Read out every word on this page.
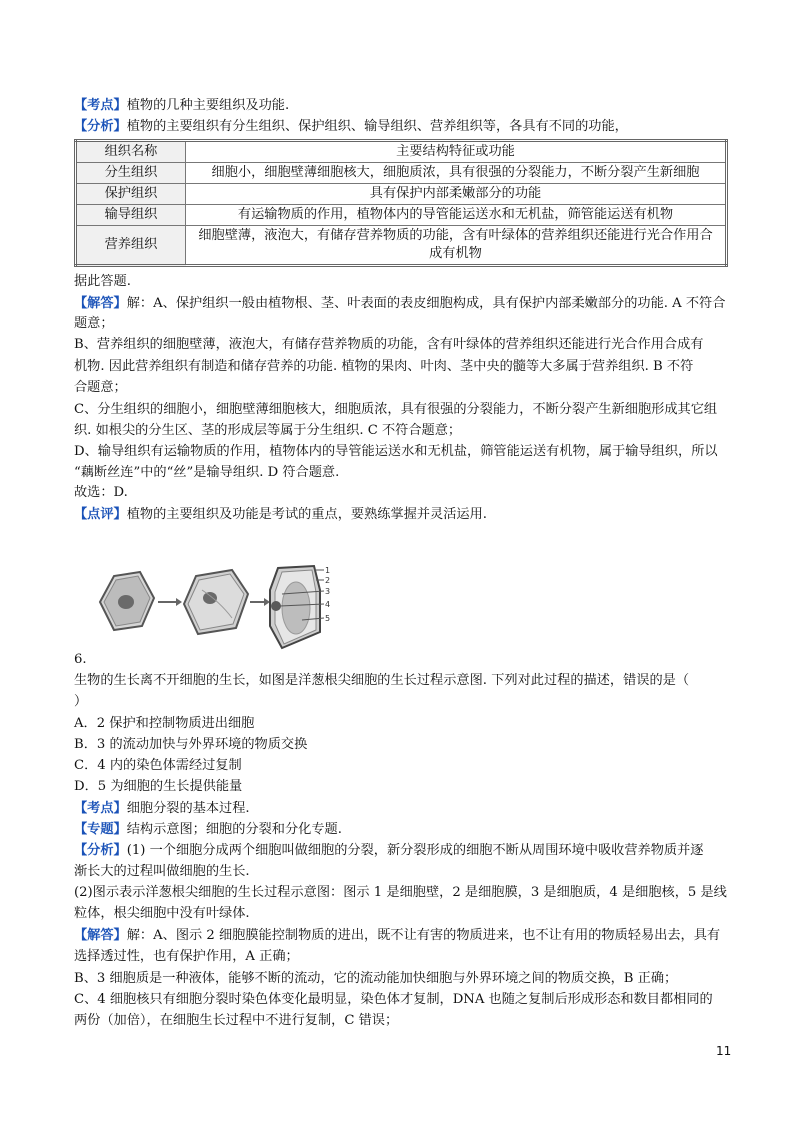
【考点】植物的几种主要组织及功能.
【分析】植物的主要组织有分生组织、保护组织、输导组织、营养组织等，各具有不同的功能，
组织名称	主要结构特征或功能
分生组织	细胞小，细胞壁薄细胞核大，细胞质浓，具有很强的分裂能力，不断分裂产生新细胞
保护组织	具有保护内部柔嫩部分的功能
输导组织	有运输物质的作用，植物体内的导管能运送水和无机盐，筛管能运送有机物
营养组织	细胞壁薄，液泡大，有储存营养物质的功能，含有叶绿体的营养组织还能进行光合作用合
成有机物
据此答题.
【解答】解：A、保护组织一般由植物根、茎、叶表面的表皮细胞构成，具有保护内部柔嫩部分的功能. A 不符合
题意；
B、营养组织的细胞壁薄，液泡大，有储存营养物质的功能，含有叶绿体的营养组织还能进行光合作用合成有
机物. 因此营养组织有制造和储存营养的功能. 植物的果肉、叶肉、茎中央的髓等大多属于营养组织. B 不符
合题意；
C、分生组织的细胞小，细胞壁薄细胞核大，细胞质浓，具有很强的分裂能力，不断分裂产生新细胞形成其它组
织. 如根尖的分生区、茎的形成层等属于分生组织. C 不符合题意；
D、输导组织有运输物质的作用，植物体内的导管能运送水和无机盐，筛管能运送有机物，属于输导组织，所以
“藕断丝连”中的“丝”是输导组织. D 符合题意.
故选：D.
【点评】植物的主要组织及功能是考试的重点，要熟练掌握并灵活运用.
1
2
3
4
5
6.
生物的生长离不开细胞的生长，如图是洋葱根尖细胞的生长过程示意图. 下列对此过程的描述，错误的是（
）
A．2 保护和控制物质进出细胞
B．3 的流动加快与外界环境的物质交换
C．4 内的染色体需经过复制
D．5 为细胞的生长提供能量
【考点】细胞分裂的基本过程.
【专题】结构示意图；细胞的分裂和分化专题.
【分析】(1) 一个细胞分成两个细胞叫做细胞的分裂，新分裂形成的细胞不断从周围环境中吸收营养物质并逐
渐长大的过程叫做细胞的生长.
(2)图示表示洋葱根尖细胞的生长过程示意图：图示 1 是细胞壁，2 是细胞膜，3 是细胞质，4 是细胞核，5 是线
粒体，根尖细胞中没有叶绿体.
【解答】解：A、图示 2 细胞膜能控制物质的进出，既不让有害的物质进来，也不让有用的物质轻易出去，具有
选择透过性，也有保护作用，A 正确；
B、3 细胞质是一种液体，能够不断的流动，它的流动能加快细胞与外界环境之间的物质交换，B 正确；
C、4 细胞核只有细胞分裂时染色体变化最明显，染色体才复制，DNA 也随之复制后形成形态和数目都相同的
两份（加倍），在细胞生长过程中不进行复制，C 错误；
11
